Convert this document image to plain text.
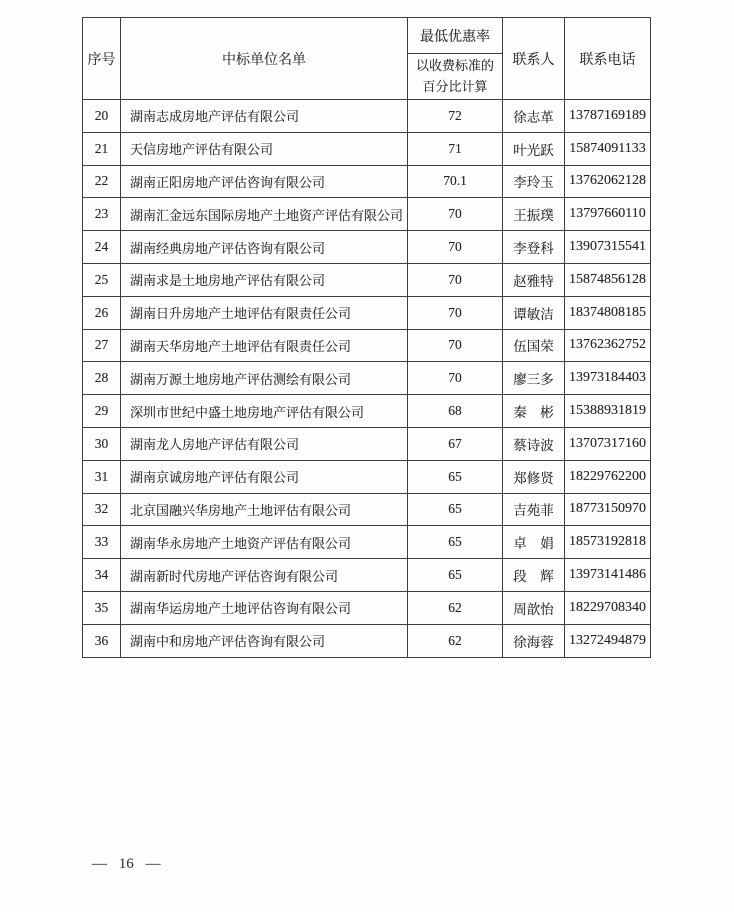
序号	中标单位名单	最低优惠率	联系人	联系电话
		以收费标准的百分比计算		
20	湖南志成房地产评估有限公司	72	徐志革	13787169189
21	天信房地产评估有限公司	71	叶光跃	15874091133
22	湖南正阳房地产评估咨询有限公司	70.1	李玲玉	13762062128
23	湖南汇金远东国际房地产土地资产评估有限公司	70	王振璞	13797660110
24	湖南经典房地产评估咨询有限公司	70	李登科	13907315541
25	湖南求是土地房地产评估有限公司	70	赵雅特	15874856128
26	湖南日升房地产土地评估有限责任公司	70	谭敏洁	18374808185
27	湖南天华房地产土地评估有限责任公司	70	伍国荣	13762362752
28	湖南万源土地房地产评估测绘有限公司	70	廖三多	13973184403
29	深圳市世纪中盛土地房地产评估有限公司	68	秦　彬	15388931819
30	湖南龙人房地产评估有限公司	67	蔡诗波	13707317160
31	湖南京诚房地产评估有限公司	65	郑修贤	18229762200
32	北京国融兴华房地产土地评估有限公司	65	吉苑菲	18773150970
33	湖南华永房地产土地资产评估有限公司	65	卓　娟	18573192818
34	湖南新时代房地产评估咨询有限公司	65	段　辉	13973141486
35	湖南华运房地产土地评估咨询有限公司	62	周歆怡	18229708340
36	湖南中和房地产评估咨询有限公司	62	徐海蓉	13272494879
— 16 —
